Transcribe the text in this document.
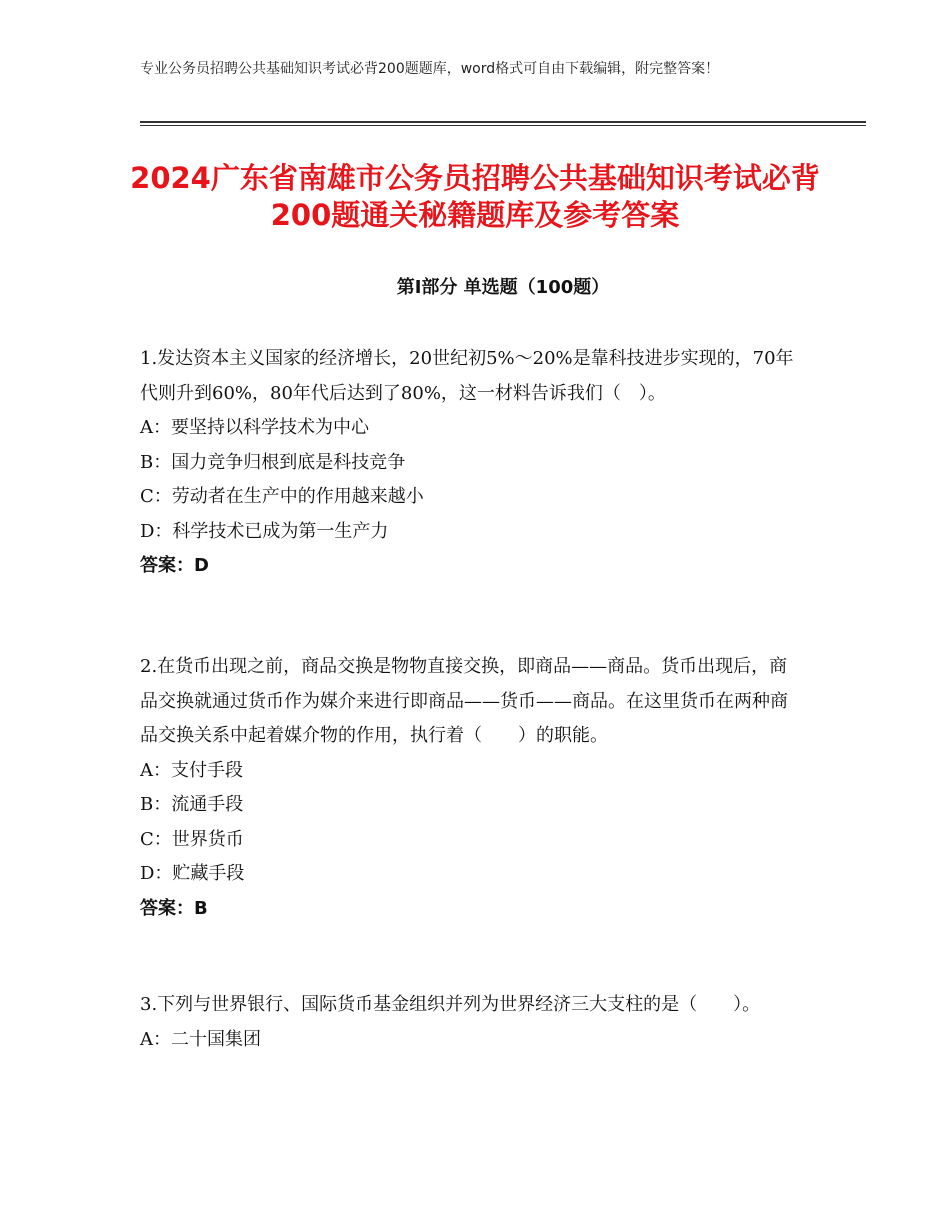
专业公务员招聘公共基础知识考试必背200题题库，word格式可自由下载编辑，附完整答案！
2024广东省南雄市公务员招聘公共基础知识考试必背200题通关秘籍题库及参考答案
第Ⅰ部分 单选题（100题）

1.发达资本主义国家的经济增长，20世纪初5%～20%是靠科技进步实现的，70年代则升到60%，80年代后达到了80%，这一材料告诉我们（　）。

A：要坚持以科学技术为中心

B：国力竞争归根到底是科技竞争

C：劳动者在生产中的作用越来越小

D：科学技术已成为第一生产力

答案：D

2.在货币出现之前，商品交换是物物直接交换，即商品——商品。货币出现后，商品交换就通过货币作为媒介来进行即商品——货币——商品。在这里货币在两种商品交换关系中起着媒介物的作用，执行着（　　）的职能。

A：支付手段

B：流通手段

C：世界货币

D：贮藏手段

答案：B

3.下列与世界银行、国际货币基金组织并列为世界经济三大支柱的是（　　）。

A：二十国集团
